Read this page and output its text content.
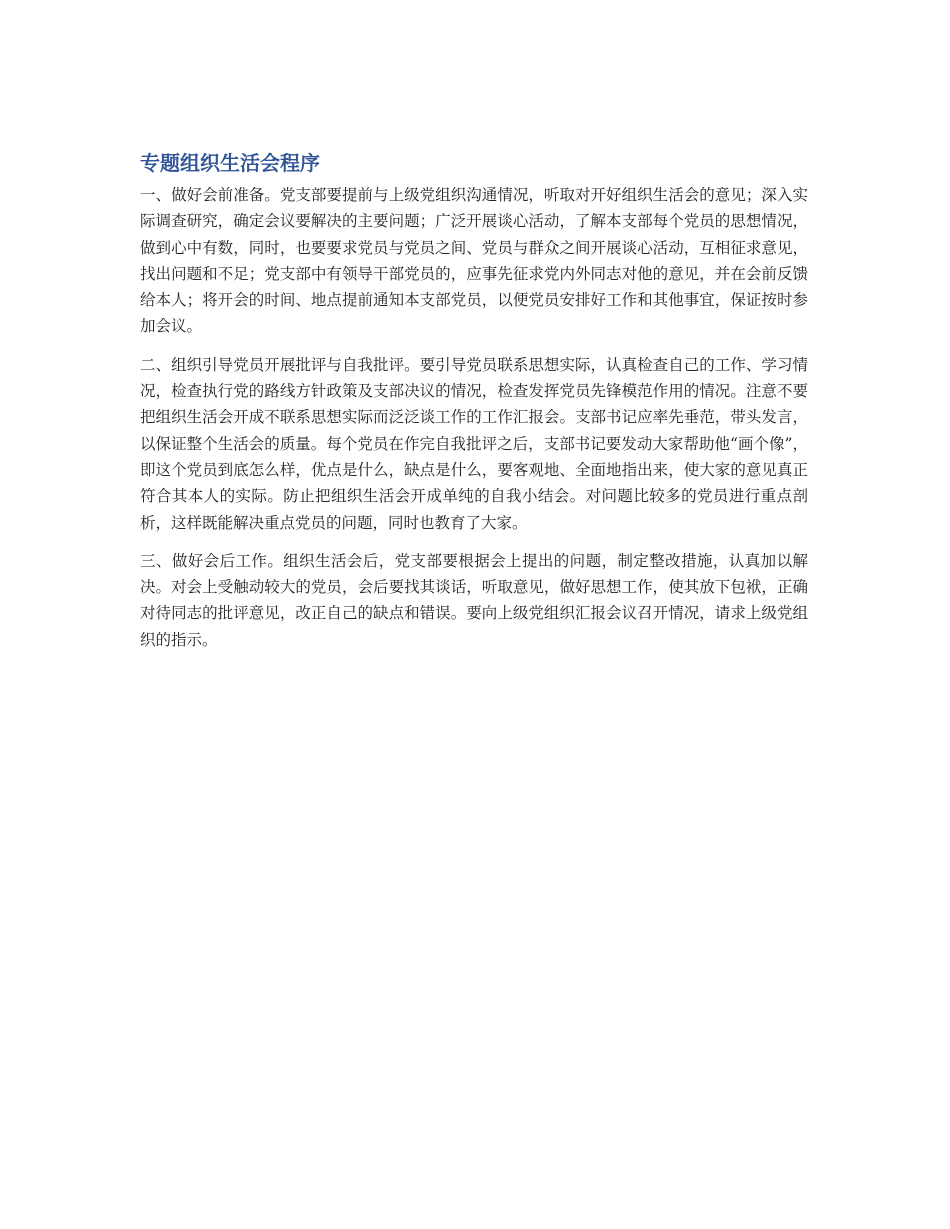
专题组织生活会程序

一、做好会前准备。党支部要提前与上级党组织沟通情况，听取对开好组织生活会的意见；深入实际调查研究，确定会议要解决的主要问题；广泛开展谈心活动，了解本支部每个党员的思想情况，做到心中有数，同时，也要要求党员与党员之间、党员与群众之间开展谈心活动，互相征求意见，找出问题和不足；党支部中有领导干部党员的，应事先征求党内外同志对他的意见，并在会前反馈给本人；将开会的时间、地点提前通知本支部党员，以便党员安排好工作和其他事宜，保证按时参加会议。

二、组织引导党员开展批评与自我批评。要引导党员联系思想实际，认真检查自己的工作、学习情况，检查执行党的路线方针政策及支部决议的情况，检查发挥党员先锋模范作用的情况。注意不要把组织生活会开成不联系思想实际而泛泛谈工作的工作汇报会。支部书记应率先垂范，带头发言，以保证整个生活会的质量。每个党员在作完自我批评之后，支部书记要发动大家帮助他“画个像”，即这个党员到底怎么样，优点是什么，缺点是什么，要客观地、全面地指出来，使大家的意见真正符合其本人的实际。防止把组织生活会开成单纯的自我小结会。对问题比较多的党员进行重点剖析，这样既能解决重点党员的问题，同时也教育了大家。

三、做好会后工作。组织生活会后，党支部要根据会上提出的问题，制定整改措施，认真加以解决。对会上受触动较大的党员，会后要找其谈话，听取意见，做好思想工作，使其放下包袱，正确对待同志的批评意见，改正自己的缺点和错误。要向上级党组织汇报会议召开情况，请求上级党组织的指示。
